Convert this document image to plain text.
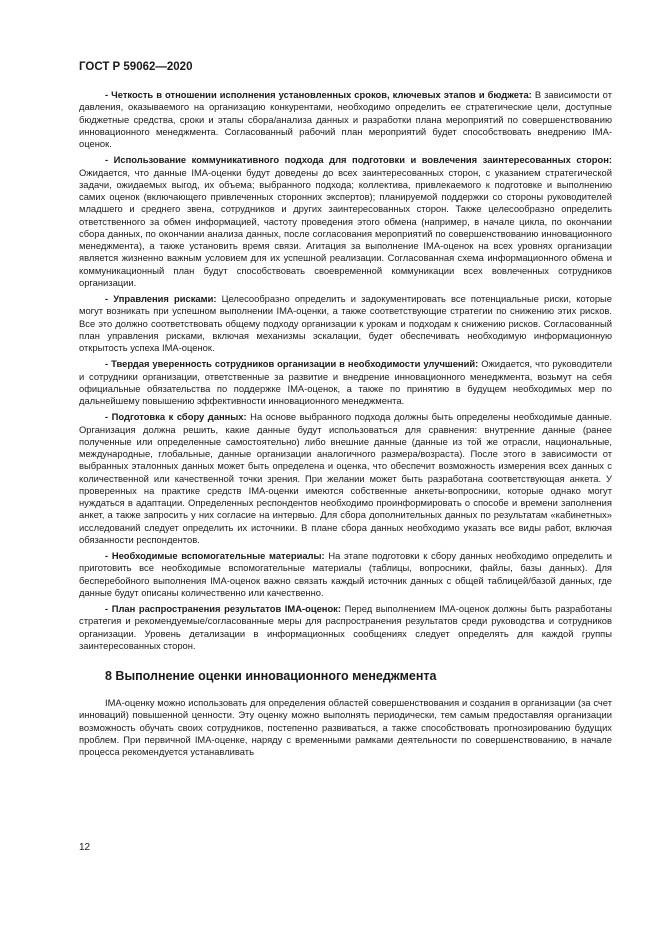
ГОСТ Р 59062—2020

- Четкость в отношении исполнения установленных сроков, ключевых этапов и бюджета: В зависимости от давления, оказываемого на организацию конкурентами, необходимо определить ее стратегические цели, доступные бюджетные средства, сроки и этапы сбора/анализа данных и разработки плана мероприятий по совершенствованию инновационного менеджмента. Согласованный рабочий план мероприятий будет способствовать внедрению IMA-оценок.

- Использование коммуникативного подхода для подготовки и вовлечения заинтересованных сторон: Ожидается, что данные IMA-оценки будут доведены до всех заинтересованных сторон, с указанием стратегической задачи, ожидаемых выгод, их объема; выбранного подхода; коллектива, привлекаемого к подготовке и выполнению самих оценок (включающего привлеченных сторонних экспертов); планируемой поддержки со стороны руководителей младшего и среднего звена, сотрудников и других заинтересованных сторон. Также целесообразно определить ответственного за обмен информацией, частоту проведения этого обмена (например, в начале цикла, по окончании сбора данных, по окончании анализа данных, после согласования мероприятий по совершенствованию инновационного менеджмента), а также установить время связи. Агитация за выполнение IMA-оценок на всех уровнях организации является жизненно важным условием для их успешной реализации. Согласованная схема информационного обмена и коммуникационный план будут способствовать своевременной коммуникации всех вовлеченных сотрудников организации.

- Управления рисками: Целесообразно определить и задокументировать все потенциальные риски, которые могут возникать при успешном выполнении IMA-оценки, а также соответствующие стратегии по снижению этих рисков. Все это должно соответствовать общему подходу организации к урокам и подходам к снижению рисков. Согласованный план управления рисками, включая механизмы эскалации, будет обеспечивать необходимую информационную открытость успеха IMA-оценок.

- Твердая уверенность сотрудников организации в необходимости улучшений: Ожидается, что руководители и сотрудники организации, ответственные за развитие и внедрение инновационного менеджмента, возьмут на себя официальные обязательства по поддержке IMA-оценок, а также по принятию в будущем необходимых мер по дальнейшему повышению эффективности инновационного менеджмента.

- Подготовка к сбору данных: На основе выбранного подхода должны быть определены необходимые данные. Организация должна решить, какие данные будут использоваться для сравнения: внутренние данные (ранее полученные или определенные самостоятельно) либо внешние данные (данные из той же отрасли, национальные, международные, глобальные, данные организации аналогичного размера/возраста). После этого в зависимости от выбранных эталонных данных может быть определена и оценка, что обеспечит возможность измерения всех данных с количественной или качественной точки зрения. При желании может быть разработана соответствующая анкета. У проверенных на практике средств IMA-оценки имеются собственные анкеты-вопросники, которые однако могут нуждаться в адаптации. Определенных респондентов необходимо проинформировать о способе и времени заполнения анкет, а также запросить у них согласие на интервью. Для сбора дополнительных данных по результатам «кабинетных» исследований следует определить их источники. В плане сбора данных необходимо указать все виды работ, включая обязанности респондентов.

- Необходимые вспомогательные материалы: На этапе подготовки к сбору данных необходимо определить и приготовить все необходимые вспомогательные материалы (таблицы, вопросники, файлы, базы данных). Для бесперебойного выполнения IMA-оценок важно связать каждый источник данных с общей таблицей/базой данных, где данные будут описаны количественно или качественно.

- План распространения результатов IMA-оценок: Перед выполнением IMA-оценок должны быть разработаны стратегия и рекомендуемые/согласованные меры для распространения результатов среди руководства и сотрудников организации. Уровень детализации в информационных сообщениях следует определять для каждой группы заинтересованных сторон.

8 Выполнение оценки инновационного менеджмента

IMA-оценку можно использовать для определения областей совершенствования и создания в организации (за счет инноваций) повышенной ценности. Эту оценку можно выполнять периодически, тем самым предоставляя организации возможность обучать своих сотрудников, постепенно развиваться, а также способствовать прогнозированию будущих проблем. При первичной IMA-оценке, наряду с временными рамками деятельности по совершенствованию, в начале процесса рекомендуется устанавливать

12
